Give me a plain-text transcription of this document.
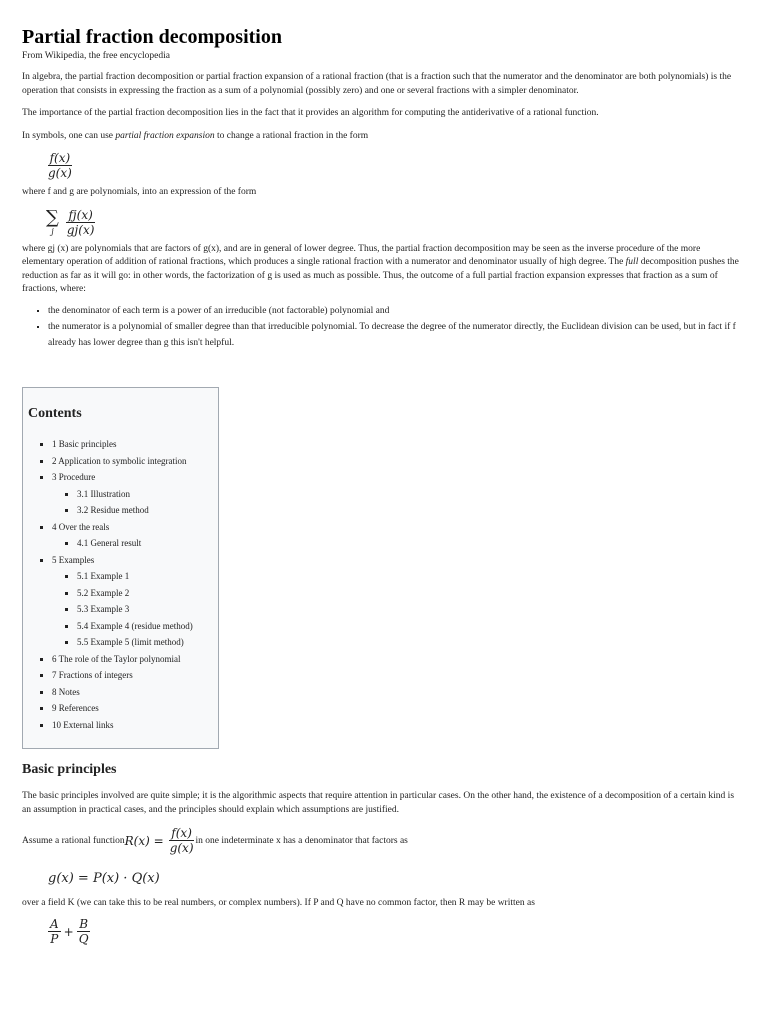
Partial fraction decomposition
From Wikipedia, the free encyclopedia

In algebra, the partial fraction decomposition or partial fraction expansion of a rational fraction (that is a fraction such that the numerator and the denominator are both polynomials) is the operation that consists in expressing the fraction as a sum of a polynomial (possibly zero) and one or several fractions with a simpler denominator.

The importance of the partial fraction decomposition lies in the fact that it provides an algorithm for computing the antiderivative of a rational function.

In symbols, one can use partial fraction expansion to change a rational fraction in the form

$\frac{f(x)}{g(x)}$

where f and g are polynomials, into an expression of the form

∑
j $\frac{fj(x)}{gj(x)}$

where gj (x) are polynomials that are factors of g(x), and are in general of lower degree. Thus, the partial fraction decomposition may be seen as the inverse procedure of the more elementary operation of addition of rational fractions, which produces a single rational fraction with a numerator and denominator usually of high degree. The full decomposition pushes the reduction as far as it will go: in other words, the factorization of g is used as much as possible. Thus, the outcome of a full partial fraction expansion expresses that fraction as a sum of fractions, where:

▪ the denominator of each term is a power of an irreducible (not factorable) polynomial and
▪ the numerator is a polynomial of smaller degree than that irreducible polynomial. To decrease the degree of the numerator directly, the Euclidean division can be used, but in fact if f already has lower degree than g this isn't helpful.
Contents
▪ 1 Basic principles
▪ 2 Application to symbolic integration
▪ 3 Procedure
▪ 3.1 Illustration
▪ 3.2 Residue method
▪ 4 Over the reals
▪ 4.1 General result
▪ 5 Examples
▪ 5.1 Example 1
▪ 5.2 Example 2
▪ 5.3 Example 3
▪ 5.4 Example 4 (residue method)
▪ 5.5 Example 5 (limit method)
▪ 6 The role of the Taylor polynomial
▪ 7 Fractions of integers
▪ 8 Notes
▪ 9 References
▪ 10 External links
Basic principles

The basic principles involved are quite simple; it is the algorithmic aspects that require attention in particular cases. On the other hand, the existence of a decomposition of a certain kind is an assumption in practical cases, and the principles should explain which assumptions are justified.

Assume a rational function $R(x) = \frac{f(x)}{g(x)}$ in one indeterminate x has a denominator that factors as
g(x) = P(x) · Q(x)

over a field K (we can take this to be real numbers, or complex numbers). If P and Q have no common factor, then R may be written as

$\frac{A}{P} + \frac{B}{Q}$
